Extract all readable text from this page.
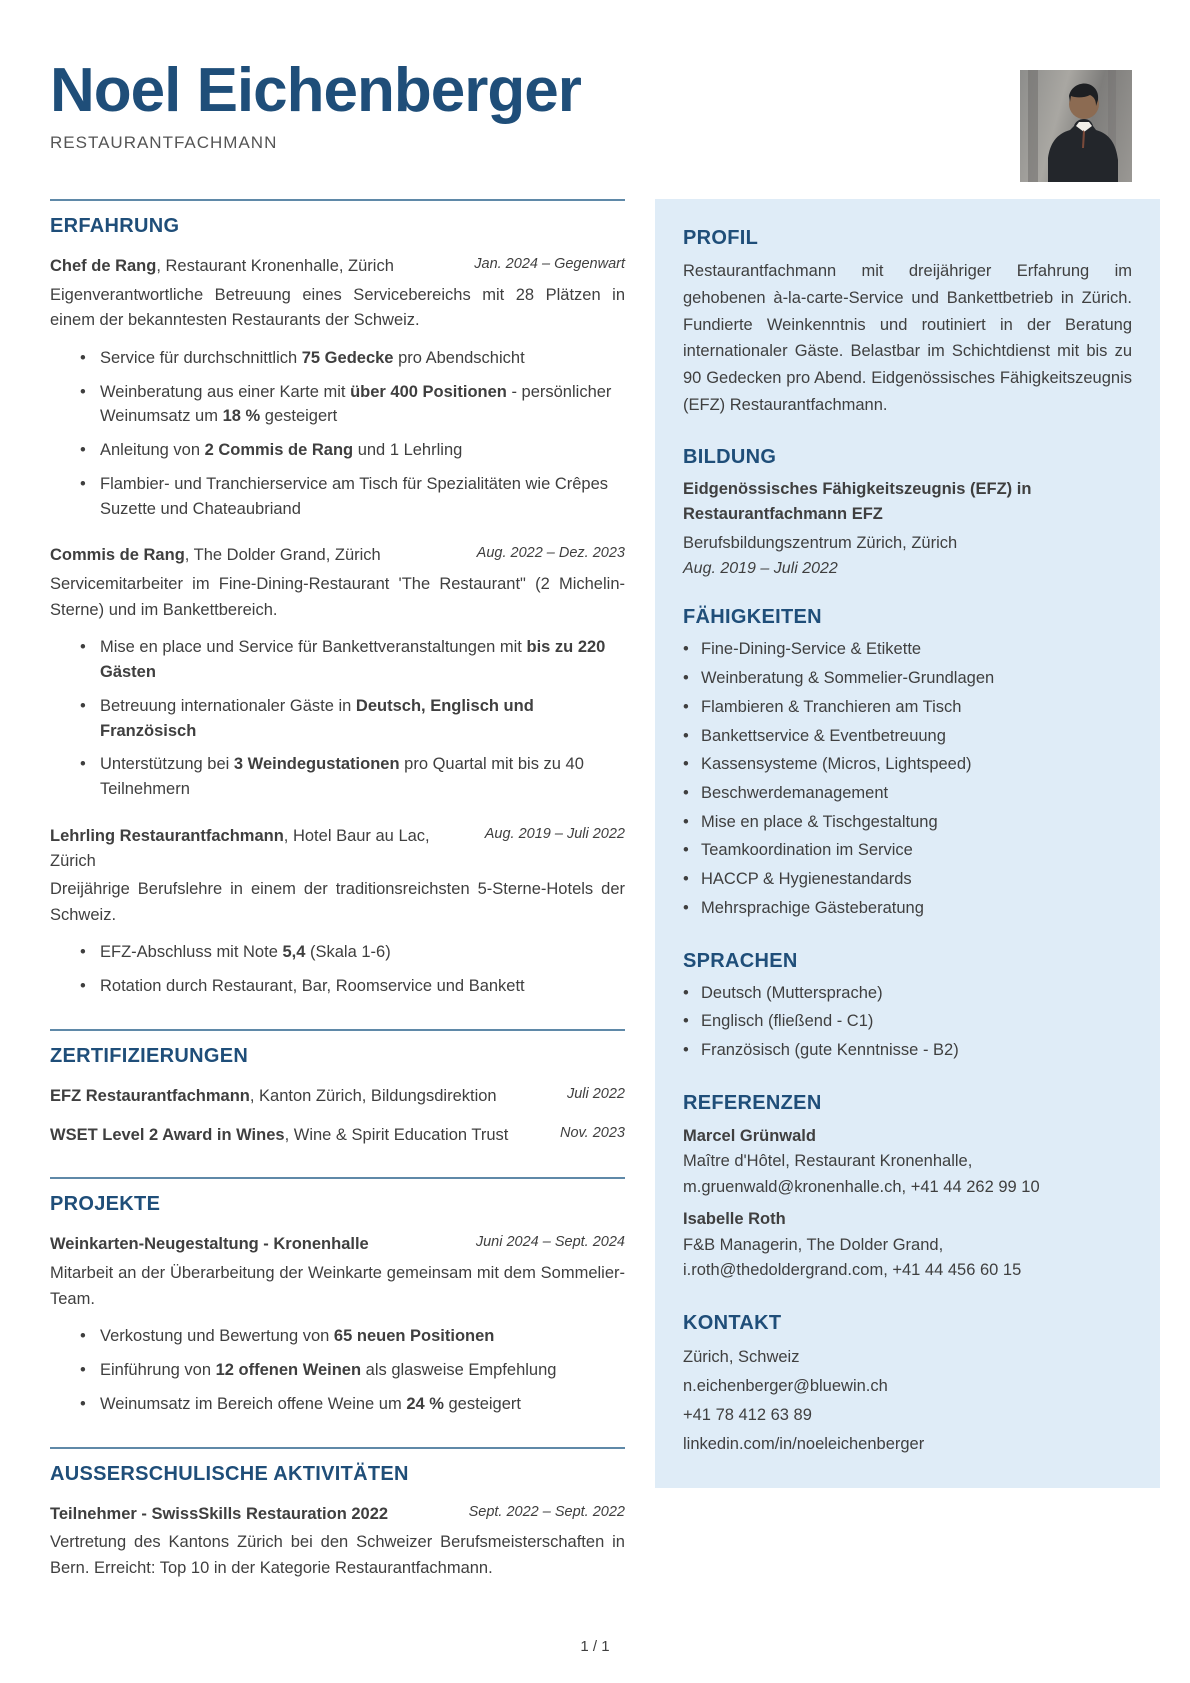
Noel Eichenberger
RESTAURANTFACHMANN
ERFAHRUNG
Chef de Rang, Restaurant Kronenhalle, Zürich	Jan. 2024 – Gegenwart

Eigenverantwortliche Betreuung eines Servicebereichs mit 28 Plätzen in einem der bekanntesten Restaurants der Schweiz.

• Service für durchschnittlich 75 Gedecke pro Abendschicht
• Weinberatung aus einer Karte mit über 400 Positionen - persönlicher Weinumsatz um 18 % gesteigert
• Anleitung von 2 Commis de Rang und 1 Lehrling
• Flambier- und Tranchierservice am Tisch für Spezialitäten wie Crêpes Suzette und Chateaubriand
Commis de Rang, The Dolder Grand, Zürich	Aug. 2022 – Dez. 2023

Servicemitarbeiter im Fine-Dining-Restaurant 'The Restaurant" (2 Michelin-Sterne) und im Bankettbereich.

• Mise en place und Service für Bankettveranstaltungen mit bis zu 220 Gästen
• Betreuung internationaler Gäste in Deutsch, Englisch und Französisch
• Unterstützung bei 3 Weindegustationen pro Quartal mit bis zu 40 Teilnehmern
Lehrling Restaurantfachmann, Hotel Baur au Lac, Zürich
Aug. 2019 – Juli 2022

Dreijährige Berufslehre in einem der traditionsreichsten 5-Sterne-Hotels der Schweiz.

• EFZ-Abschluss mit Note 5,4 (Skala 1-6)
• Rotation durch Restaurant, Bar, Roomservice und Bankett
ZERTIFIZIERUNGEN
EFZ Restaurantfachmann, Kanton Zürich, Bildungsdirektion	Juli 2022
WSET Level 2 Award in Wines, Wine & Spirit Education Trust	Nov. 2023
PROJEKTE
Weinkarten-Neugestaltung - Kronenhalle	Juni 2024 – Sept. 2024

Mitarbeit an der Überarbeitung der Weinkarte gemeinsam mit dem Sommelier-Team.

• Verkostung und Bewertung von 65 neuen Positionen
• Einführung von 12 offenen Weinen als glasweise Empfehlung
• Weinumsatz im Bereich offene Weine um 24 % gesteigert
AUSSERSCHULISCHE AKTIVITÄTEN
Teilnehmer - SwissSkills Restauration 2022	Sept. 2022 – Sept. 2022

Vertretung des Kantons Zürich bei den Schweizer Berufsmeisterschaften in Bern. Erreicht: Top 10 in der Kategorie Restaurantfachmann.

PROFIL

Restaurantfachmann mit dreijähriger Erfahrung im gehobenen à-la-carte-Service und Bankettbetrieb in Zürich. Fundierte Weinkenntnis und routiniert in der Beratung internationaler Gäste. Belastbar im Schichtdienst mit bis zu 90 Gedecken pro Abend. Eidgenössisches Fähigkeitszeugnis (EFZ) Restaurantfachmann.

BILDUNG
Eidgenössisches Fähigkeitszeugnis (EFZ) in Restaurantfachmann EFZ
Berufsbildungszentrum Zürich, Zürich
Aug. 2019 – Juli 2022
FÄHIGKEITEN
• Fine-Dining-Service & Etikette
• Weinberatung & Sommelier-Grundlagen
• Flambieren & Tranchieren am Tisch
• Bankettservice & Eventbetreuung
• Kassensysteme (Micros, Lightspeed)
• Beschwerdemanagement
• Mise en place & Tischgestaltung
• Teamkoordination im Service
• HACCP & Hygienestandards
• Mehrsprachige Gästeberatung
SPRACHEN
• Deutsch (Muttersprache)
• Englisch (fließend - C1)
• Französisch (gute Kenntnisse - B2)
REFERENZEN
Marcel Grünwald
Maître d'Hôtel, Restaurant Kronenhalle, m.gruenwald@kronenhalle.ch, +41 44 262 99 10
Isabelle Roth
F&B Managerin, The Dolder Grand, i.roth@thedoldergrand.com, +41 44 456 60 15
KONTAKT
Zürich, Schweiz
n.eichenberger@bluewin.ch
+41 78 412 63 89
linkedin.com/in/noeleichenberger
1 / 1
